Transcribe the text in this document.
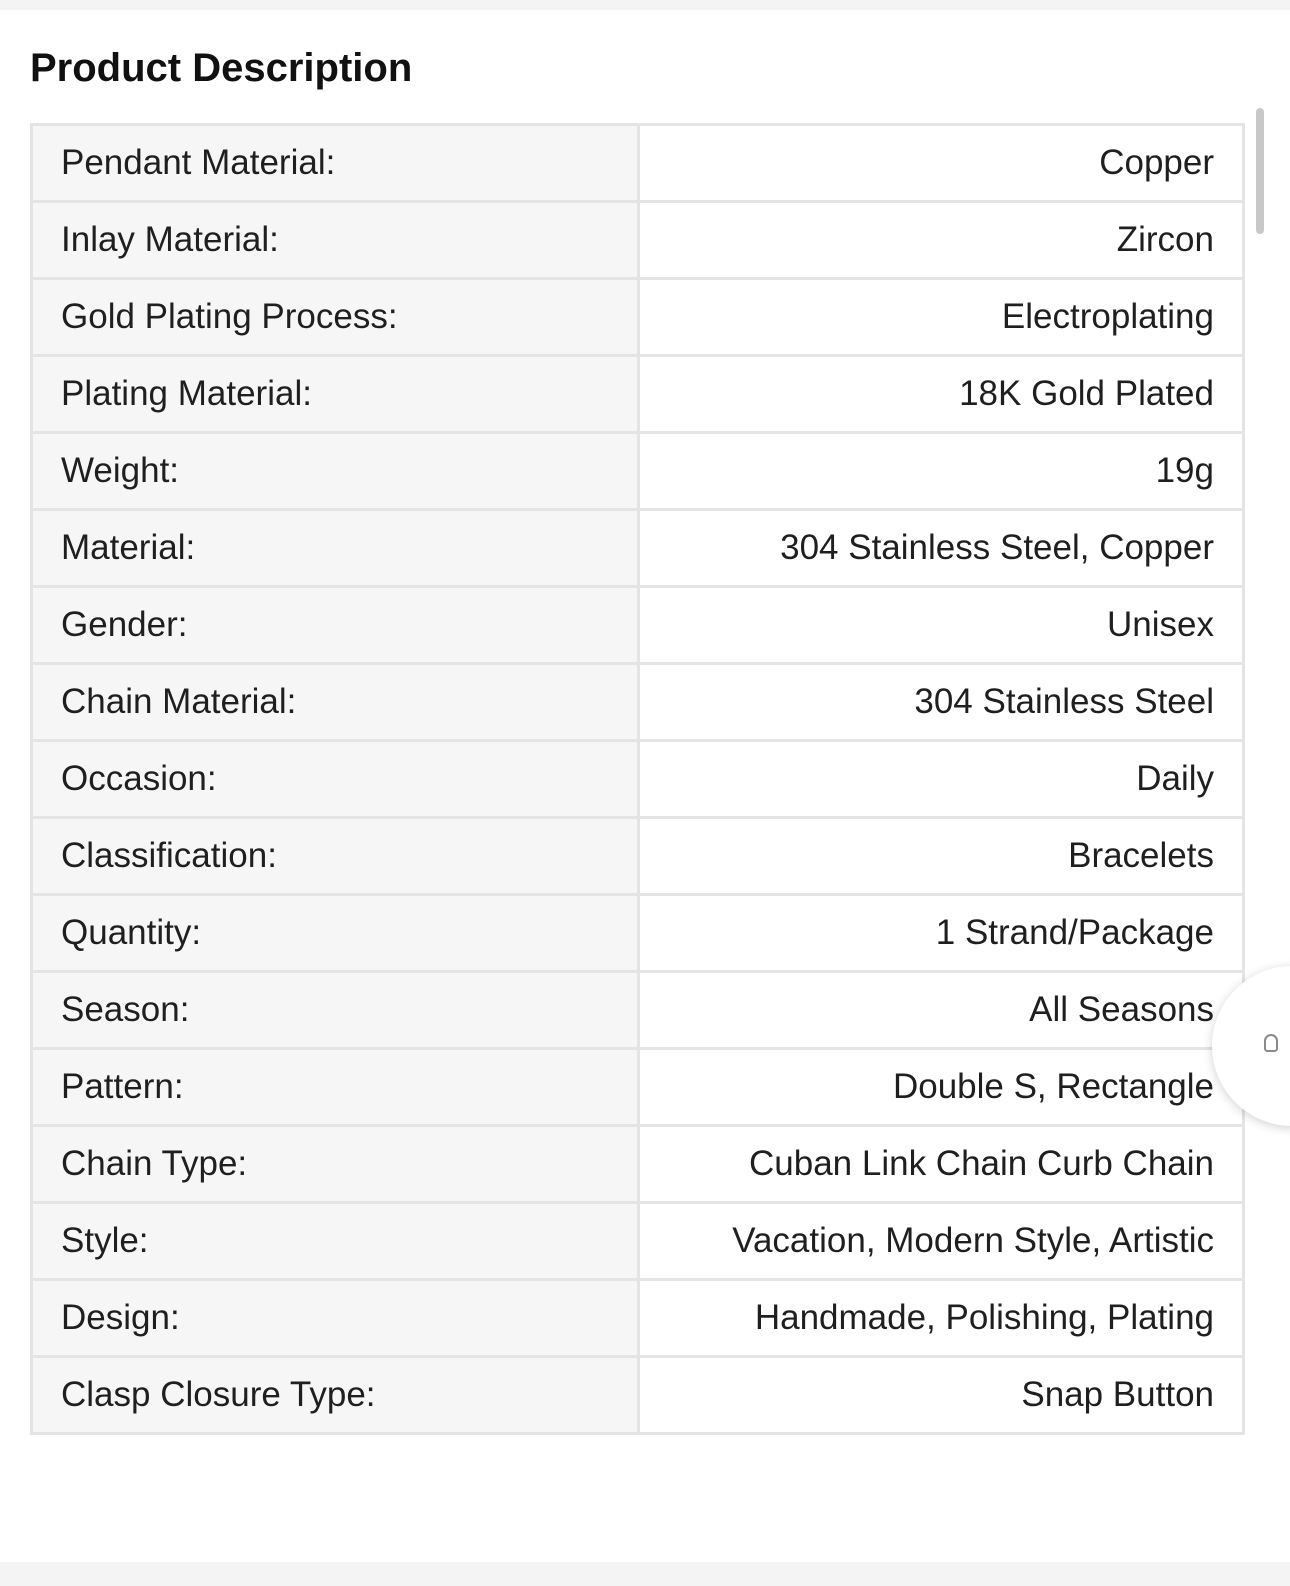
Product Description
Pendant Material:	Copper
Inlay Material:	Zircon
Gold Plating Process:	Electroplating
Plating Material:	18K Gold Plated
Weight:	19g
Material:	304 Stainless Steel, Copper
Gender:	Unisex
Chain Material:	304 Stainless Steel
Occasion:	Daily
Classification:	Bracelets
Quantity:	1 Strand/Package
Season:	All Seasons
Pattern:	Double S, Rectangle
Chain Type:	Cuban Link Chain Curb Chain
Style:	Vacation, Modern Style, Artistic
Design:	Handmade, Polishing, Plating
Clasp Closure Type:	Snap Button
